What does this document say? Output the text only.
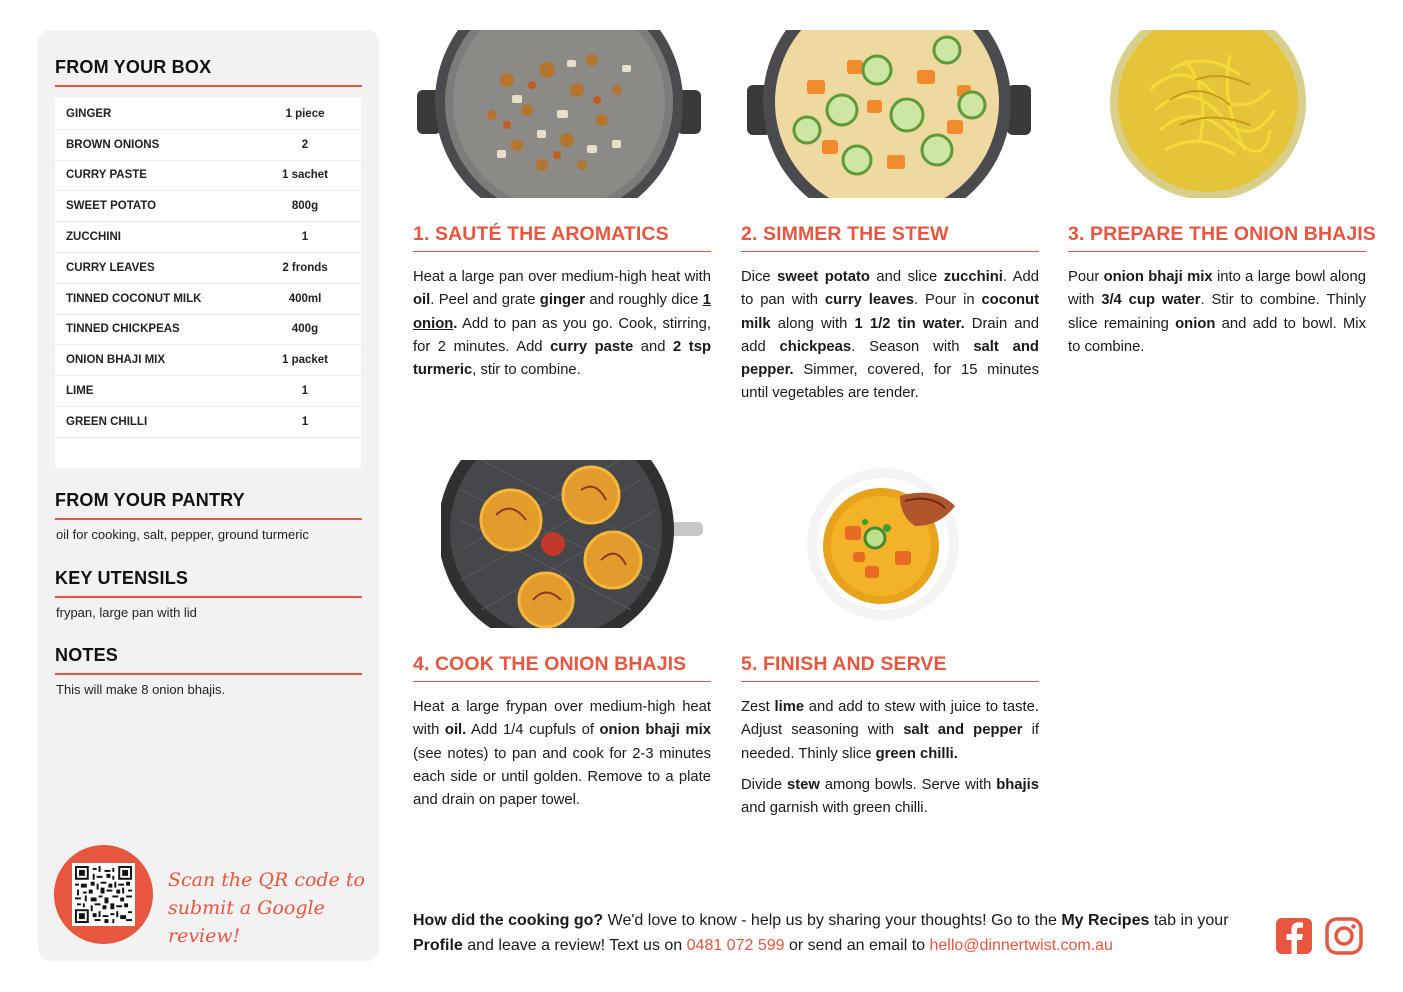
FROM YOUR BOX
GINGER	1 piece
BROWN ONIONS	2
CURRY PASTE	1 sachet
SWEET POTATO	800g
ZUCCHINI	1
CURRY LEAVES	2 fronds
TINNED COCONUT MILK	400ml
TINNED CHICKPEAS	400g
ONION BHAJI MIX	1 packet
LIME	1
GREEN CHILLI	1
FROM YOUR PANTRY
oil for cooking, salt, pepper, ground turmeric
KEY UTENSILS
frypan, large pan with lid
NOTES
This will make 8 onion bhajis.
Scan the QR code to
submit a Google review!
1. SAUTÉ THE AROMATICS

Heat a large pan over medium-high heat with oil. Peel and grate ginger and roughly dice 1 onion. Add to pan as you go. Cook, stirring, for 2 minutes. Add curry paste and 2 tsp turmeric, stir to combine.

2. SIMMER THE STEW

Dice sweet potato and slice zucchini. Add to pan with curry leaves. Pour in coconut milk along with 1 1/2 tin water. Drain and add chickpeas. Season with salt and pepper. Simmer, covered, for 15 minutes until vegetables are tender.

3. PREPARE THE ONION BHAJIS

Pour onion bhaji mix into a large bowl along with 3/4 cup water. Stir to combine. Thinly slice remaining onion and add to bowl. Mix to combine.

4. COOK THE ONION BHAJIS

Heat a large frypan over medium-high heat with oil. Add 1/4 cupfuls of onion bhaji mix (see notes) to pan and cook for 2-3 minutes each side or until golden. Remove to a plate and drain on paper towel.

5. FINISH AND SERVE

Zest lime and add to stew with juice to taste. Adjust seasoning with salt and pepper if needed. Thinly slice green chilli.

Divide stew among bowls. Serve with bhajis and garnish with green chilli.

How did the cooking go? We'd love to know - help us by sharing your thoughts! Go to the My Recipes tab in your Profile and leave a review! Text us on 0481 072 599 or send an email to hello@dinnertwist.com.au
